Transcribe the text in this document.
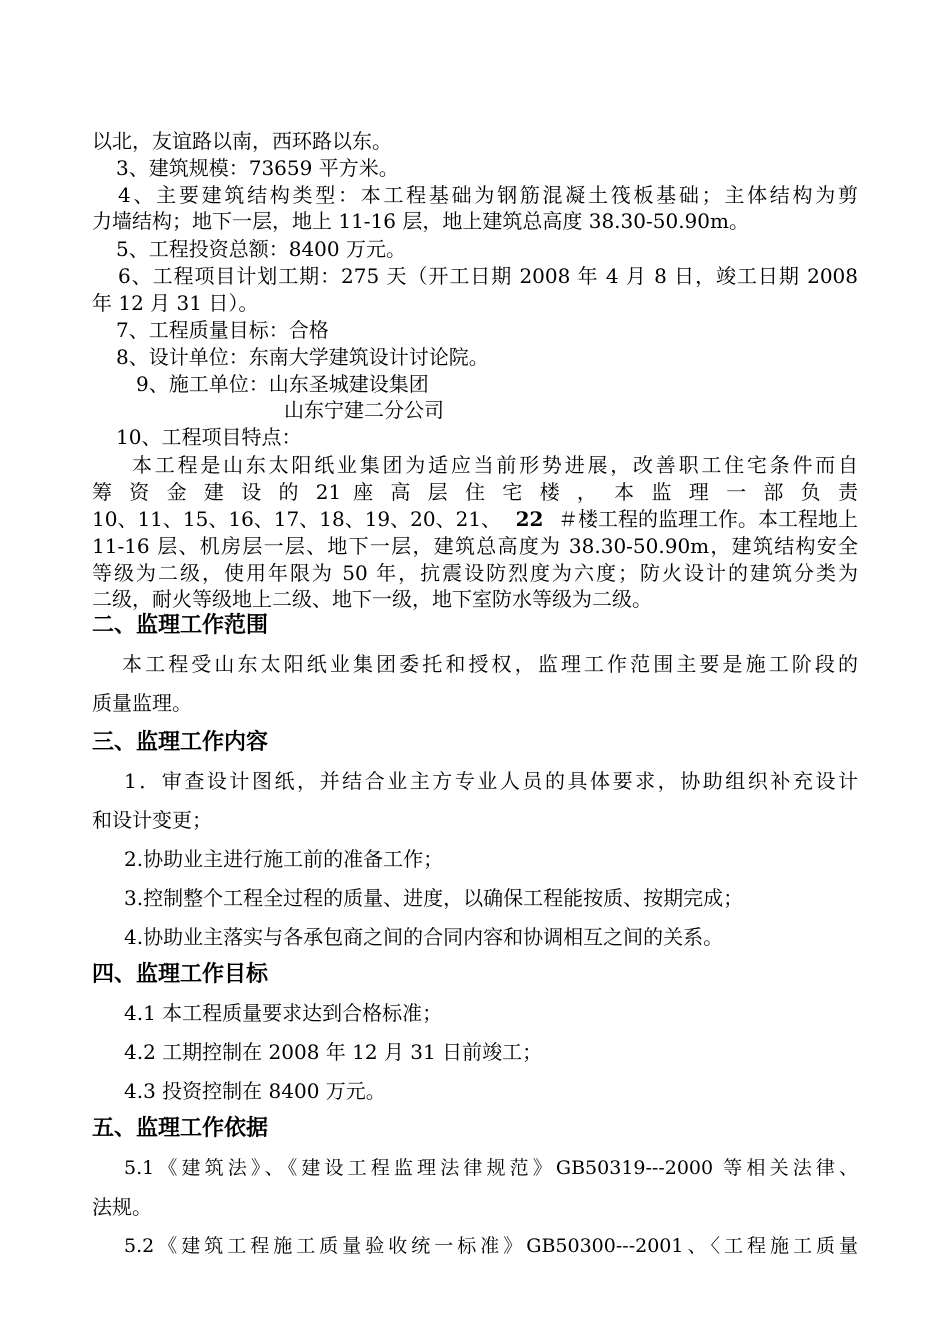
以北，友谊路以南，西环路以东。
3、建筑规模：73659 平方米。
4、主要建筑结构类型：本工程基础为钢筋混凝土筏板基础；主体结构为剪
力墙结构；地下一层，地上 11-16 层，地上建筑总高度 38.30-50.90m。
5、工程投资总额：8400 万元。
6、工程项目计划工期：275 天（开工日期 2008 年 4 月 8 日，竣工日期 2008
年 12 月 31 日）。
7、工程质量目标：合格
8、设计单位：东南大学建筑设计讨论院。
9、施工单位：山东圣城建设集团
山东宁建二分公司
10、工程项目特点：
本工程是山东太阳纸业集团为适应当前形势进展，改善职工住宅条件而自
筹 资 金 建 设 的 21 座 高 层 住 宅 楼 ， 本 监 理 一 部 负 责
10、11、15、16、17、18、19、20、21、 22 ＃楼工程的监理工作。本工程地上
11-16 层、机房层一层、地下一层，建筑总高度为 38.30-50.90m，建筑结构安全
等级为二级，使用年限为 50 年，抗震设防烈度为六度；防火设计的建筑分类为
二级，耐火等级地上二级、地下一级，地下室防水等级为二级。
二、监理工作范围
本工程受山东太阳纸业集团委托和授权，监理工作范围主要是施工阶段的
质量监理。
三、监理工作内容
1．审查设计图纸，并结合业主方专业人员的具体要求，协助组织补充设计
和设计变更；
2.协助业主进行施工前的准备工作；
3.控制整个工程全过程的质量、进度，以确保工程能按质、按期完成；
4.协助业主落实与各承包商之间的合同内容和协调相互之间的关系。
四、监理工作目标
4.1 本工程质量要求达到合格标准；
4.2 工期控制在 2008 年 12 月 31 日前竣工；
4.3 投资控制在 8400 万元。
五、监理工作依据
5.1《建筑法》、《建设工程监理法律规范》GB50319---2000 等相关法律、
法规。
5.2《建筑工程施工质量验收统一标准》GB50300---2001、〈工程施工质量
